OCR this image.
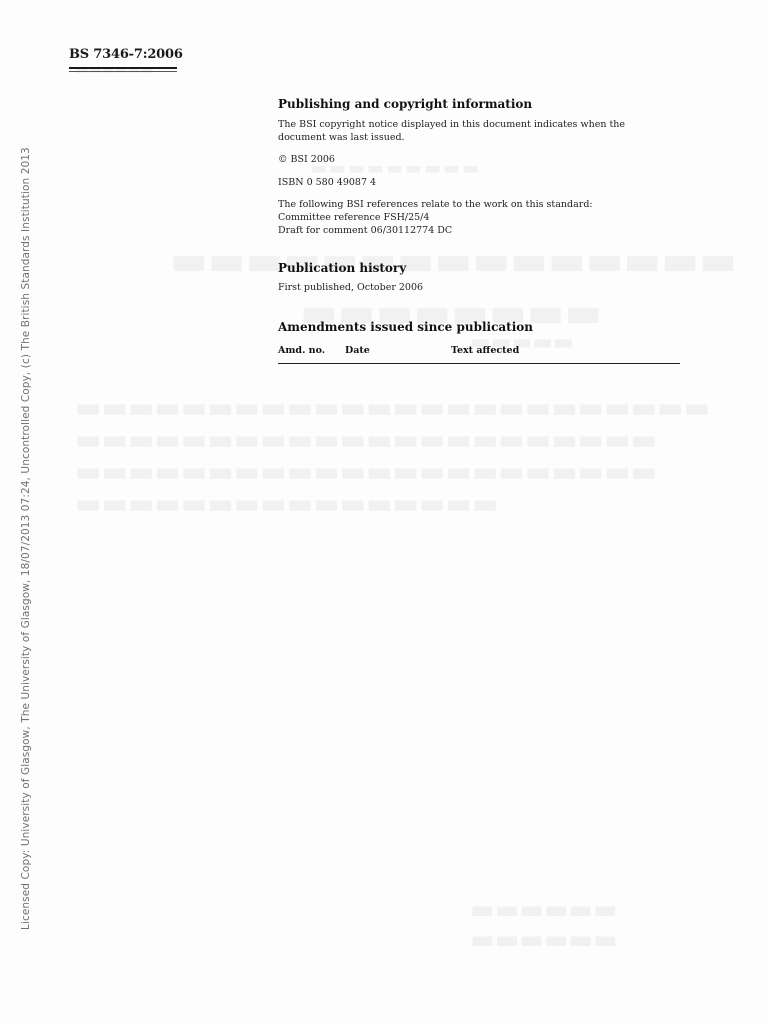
BS 7346-7:2006
Licensed Copy: University of Glasgow, The University of Glasgow, 18/07/2013 07:24, Uncontrolled Copy, (c) The British Standards Institution 2013
Publishing and copyright information

The BSI copyright notice displayed in this document indicates when the
document was last issued.

© BSI 2006

ISBN 0 580 49087 4

The following BSI references relate to the work on this standard:
Committee reference FSH/25/4
Draft for comment 06/30112774 DC

Publication history

First published, October 2006

Amendments issued since publication
Amd. no. Date	Text affected
